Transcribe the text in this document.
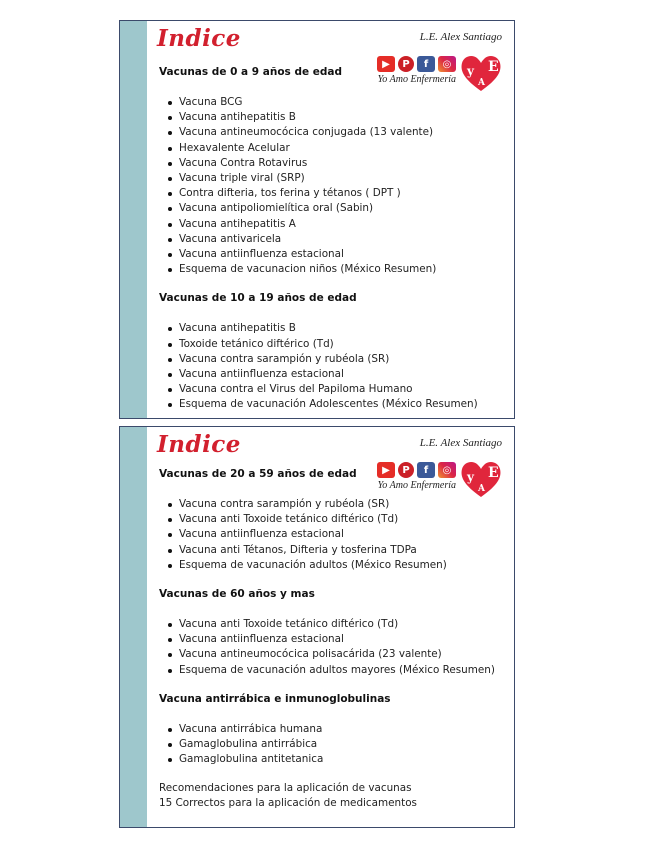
Indice	L.E. Alex Santiago
▶	P	f	◎
Yo Amo Enfermería
y E
A
Vacunas de 0 a 9 años de edad
Vacuna BCG
Vacuna antihepatitis B
Vacuna antineumocócica conjugada (13 valente)
Hexavalente Acelular
Vacuna Contra Rotavirus
Vacuna triple viral (SRP)
Contra difteria, tos ferina y tétanos ( DPT )
Vacuna antipoliomielítica oral (Sabin)
Vacuna antihepatitis A
Vacuna antivaricela
Vacuna antiinfluenza estacional
Esquema de vacunacion niños (México Resumen)
Vacunas de 10 a 19 años de edad
Vacuna antihepatitis B
Toxoide tetánico diftérico (Td)
Vacuna contra sarampión y rubéola (SR)
Vacuna antiinfluenza estacional
Vacuna contra el Virus del Papiloma Humano
Esquema de vacunación Adolescentes (México Resumen)
Indice	L.E. Alex Santiago
▶	P	f	◎
Yo Amo Enfermería
y E
A
Vacunas de 20 a 59 años de edad
Vacuna contra sarampión y rubéola (SR)
Vacuna anti Toxoide tetánico diftérico (Td)
Vacuna antiinfluenza estacional
Vacuna anti Tétanos, Difteria y tosferina TDPa
Esquema de vacunación adultos (México Resumen)
Vacunas de 60 años y mas
Vacuna anti Toxoide tetánico diftérico (Td)
Vacuna antiinfluenza estacional
Vacuna antineumocócica polisacárida (23 valente)
Esquema de vacunación adultos mayores (México Resumen)
Vacuna antirrábica e inmunoglobulinas
Vacuna antirrábica humana
Gamaglobulina antirrábica
Gamaglobulina antitetanica

Recomendaciones para la aplicación de vacunas

15 Correctos para la aplicación de medicamentos
